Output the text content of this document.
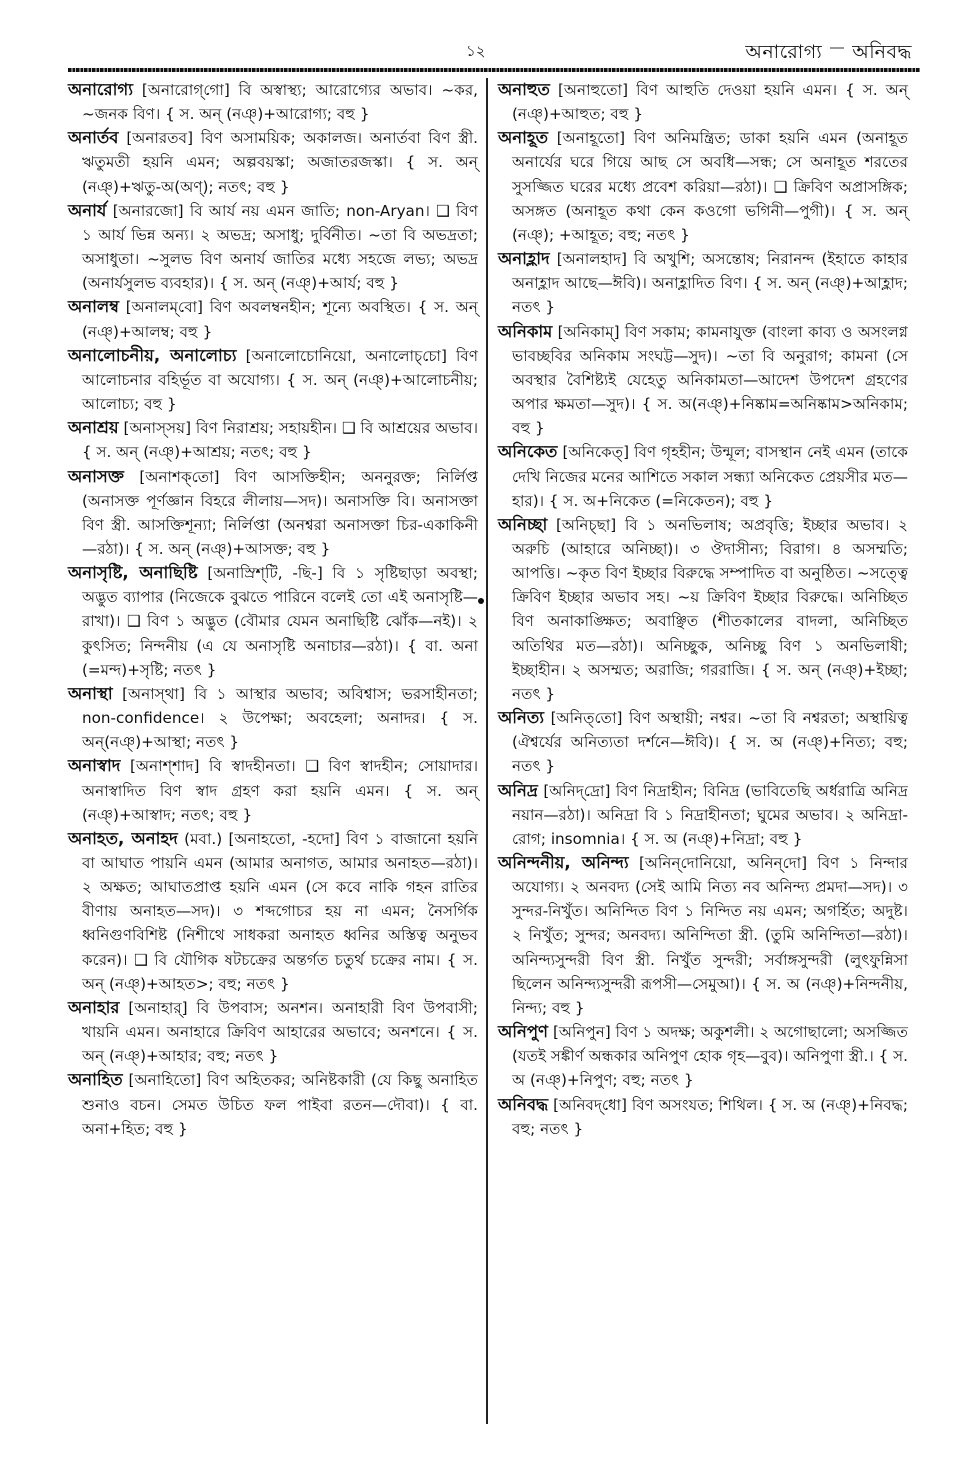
১২	অনারোগ্য অনিবদ্ধ

অনারোগ্য [অনারোগ্‌গো] বি অস্বাস্থ্য; আরোগ্যের অভাব। ~কর, ~জনক বিণ। { স. অন্ (নঞ্)+আরোগ্য; বহু }

অনার্তব [অনারতব] বিণ অসাময়িক; অকালজ। অনার্তবা বিণ স্ত্রী. ঋতুমতী হয়নি এমন; অল্পবয়স্কা; অজাতরজস্কা। { স. অন্ (নঞ্)+ঋতু-অ(অণ্); নতৎ; বহু }

অনার্য [অনারজো] বি আর্য নয় এমন জাতি; non-Aryan। ❑ বিণ ১ আর্য ভিন্ন অন্য। ২ অভদ্র; অসাধু; দুর্বিনীত। ~তা বি অভদ্রতা; অসাধুতা। ~সুলভ বিণ অনার্য জাতির মধ্যে সহজে লভ্য; অভদ্র (অনার্যসুলভ ব্যবহার)। { স. অন্ (নঞ্)+আর্য; বহু }

অনালম্ব [অনালম্‌বো] বিণ অবলম্বনহীন; শূন্যে অবস্থিত। { স. অন্ (নঞ্)+আলম্ব; বহু }

অনালোচনীয়, অনালোচ্য [অনালোচোনিয়ো, অনালোচ্‌চো] বিণ আলোচনার বহির্ভূত বা অযোগ্য। { স. অন্ (নঞ্)+আলোচনীয়; আলোচ্য; বহু }

অনাশ্রয় [অনাস্‌সয়] বিণ নিরাশ্রয়; সহায়হীন। ❑ বি আশ্রয়ের অভাব। { স. অন্ (নঞ্)+আশ্রয়; নতৎ; বহু }

অনাসক্ত [অনাশক্‌তো] বিণ আসক্তিহীন; অননুরক্ত; নির্লিপ্ত (অনাসক্ত পূর্ণজ্ঞান বিহরে লীলায়—সদ)। অনাসক্তি বি। অনাসক্তা বিণ স্ত্রী. আসক্তিশূন্যা; নির্লিপ্তা (অনশ্বরা অনাসক্তা চির-একাকিনী—রঠা)। { স. অন্ (নঞ্)+আসক্ত; বহু }

অনাসৃষ্টি, অনাছিষ্টি [অনাস্রিশ্‌টি, -ছি-] বি ১ সৃষ্টিছাড়া অবস্থা; অদ্ভুত ব্যাপার (নিজেকে বুঝতে পারিনে বলেই তো এই অনাসৃষ্টি—রাখা)। ❑ বিণ ১ অদ্ভুত (বৌমার যেমন অনাছিষ্টি ঝোঁক—নই)। ২ কুৎসিত; নিন্দনীয় (এ যে অনাসৃষ্টি অনাচার—রঠা)। { বা. অনা (=মন্দ)+সৃষ্টি; নতৎ }

অনাস্থা [অনাস্‌থা] বি ১ আস্থার অভাব; অবিশ্বাস; ভরসাহীনতা; non-confidence। ২ উপেক্ষা; অবহেলা; অনাদর। { স. অন্(নঞ্)+আস্থা; নতৎ }

অনাস্বাদ [অনাশ্‌শাদ] বি স্বাদহীনতা। ❑ বিণ স্বাদহীন; সোয়াদার। অনাস্বাদিত বিণ স্বাদ গ্রহণ করা হয়নি এমন। { স. অন্ (নঞ্)+আস্বাদ; নতৎ; বহু }

অনাহত, অনাহদ (মবা.) [অনাহতো, -হদো] বিণ ১ বাজানো হয়নি বা আঘাত পায়নি এমন (আমার অনাগত, আমার অনাহত—রঠা)। ২ অক্ষত; আঘাতপ্রাপ্ত হয়নি এমন (সে কবে নাকি গহন রাতির বীণায় অনাহত—সদ)। ৩ শব্দগোচর হয় না এমন; নৈসর্গিক ধ্বনিগুণবিশিষ্ট (নিশীথে সাধকরা অনাহত ধ্বনির অস্তিত্ব অনুভব করেন)। ❑ বি যৌগিক ষটচক্রের অন্তর্গত চতুর্থ চক্রের নাম। { স. অন্ (নঞ্)+আহত>; বহু; নতৎ }

অনাহার [অনাহার্] বি উপবাস; অনশন। অনাহারী বিণ উপবাসী; খায়নি এমন। অনাহারে ক্রিবিণ আহারের অভাবে; অনশনে। { স. অন্ (নঞ্)+আহার; বহু; নতৎ }

অনাহিত [অনাহিতো] বিণ অহিতকর; অনিষ্টকারী (যে কিছু অনাহিত শুনাও বচন। সেমত উচিত ফল পাইবা রতন—দৌবা)। { বা. অনা+হিত; বহু }

অনাহুত [অনাহুতো] বিণ আহুতি দেওয়া হয়নি এমন। { স. অন্ (নঞ্)+আহুত; বহু }

অনাহূত [অনাহূতো] বিণ অনিমন্ত্রিত; ডাকা হয়নি এমন (অনাহূত অনার্যের ঘরে গিয়ে আছ সে অবধি—সন্ধ; সে অনাহূত শরতের সুসজ্জিত ঘরের মধ্যে প্রবেশ করিয়া—রঠা)। ❑ ক্রিবিণ অপ্রাসঙ্গিক; অসঙ্গত (অনাহূত কথা কেন কওগো ভগিনী—পুগী)। { স. অন্ (নঞ্); +আহূত; বহু; নতৎ }

অনাহ্লাদ [অনালহাদ] বি অখুশি; অসন্তোষ; নিরানন্দ (ইহাতে কাহার অনাহ্লাদ আছে—ঈবি)। অনাহ্লাদিত বিণ। { স. অন্ (নঞ্)+আহ্লাদ; নতৎ }

অনিকাম [অনিকাম্] বিণ সকাম; কামনাযুক্ত (বাংলা কাব্য ও অসংলগ্ন ভাবচ্ছবির অনিকাম সংঘট্ট—সুদ)। ~তা বি অনুরাগ; কামনা (সে অবস্থার বৈশিষ্ট্যই যেহেতু অনিকামতা—আদেশ উপদেশ গ্রহণের অপার ক্ষমতা—সুদ)। { স. অ(নঞ্)+নিষ্কাম=অনিষ্কাম>অনিকাম; বহু }

অনিকেত [অনিকেত্] বিণ গৃহহীন; উন্মূল; বাসস্থান নেই এমন (তাকে দেখি নিজের মনের আশিতে সকাল সন্ধ্যা অনিকেত প্রেয়সীর মত—হার)। { স. অ+নিকেত (=নিকেতন); বহু }

অনিচ্ছা [অনিচ্‌ছা] বি ১ অনভিলাষ; অপ্রবৃত্তি; ইচ্ছার অভাব। ২ অরুচি (আহারে অনিচ্ছা)। ৩ ঔদাসীন্য; বিরাগ। ৪ অসম্মতি; আপত্তি। ~কৃত বিণ ইচ্ছার বিরুদ্ধে সম্পাদিত বা অনুষ্ঠিত। ~সত্ত্বে ক্রিবিণ ইচ্ছার অভাব সহ। ~য় ক্রিবিণ ইচ্ছার বিরুদ্ধে। অনিচ্ছিত বিণ অনাকাঙ্ক্ষিত; অবাঞ্ছিত (শীতকালের বাদলা, অনিচ্ছিত অতিথির মত—রঠা)। অনিচ্ছুক, অনিচ্ছু বিণ ১ অনভিলাষী; ইচ্ছাহীন। ২ অসম্মত; অরাজি; গররাজি। { স. অন্ (নঞ্)+ইচ্ছা; নতৎ }

অনিত্য [অনিত্‌তো] বিণ অস্থায়ী; নশ্বর। ~তা বি নশ্বরতা; অস্থায়িত্ব (ঐশ্বর্যের অনিত্যতা দর্শনে—ঈবি)। { স. অ (নঞ্)+নিত্য; বহু; নতৎ }

অনিদ্র [অনিদ্‌দ্রো] বিণ নিদ্রাহীন; বিনিদ্র (ভাবিতেছি অর্ধরাত্রি অনিদ্র নয়ান—রঠা)। অনিদ্রা বি ১ নিদ্রাহীনতা; ঘুমের অভাব। ২ অনিদ্রা-রোগ; insomnia। { স. অ (নঞ্)+নিদ্রা; বহু }

অনিন্দনীয়, অনিন্দ্য [অনিন্‌দোনিয়ো, অনিন্‌দো] বিণ ১ নিন্দার অযোগ্য। ২ অনবদ্য (সেই আমি নিত্য নব অনিন্দ্য প্রমদা—সদ)। ৩ সুন্দর-নিখুঁত। অনিন্দিত বিণ ১ নিন্দিত নয় এমন; অগর্হিত; অদুষ্ট। ২ নিখুঁত; সুন্দর; অনবদ্য। অনিন্দিতা স্ত্রী. (তুমি অনিন্দিতা—রঠা)। অনিন্দ্যসুন্দরী বিণ স্ত্রী. নিখুঁত সুন্দরী; সর্বাঙ্গসুন্দরী (লুৎফুন্নিসা ছিলেন অনিন্দ্যসুন্দরী রূপসী—সেমুআ)। { স. অ (নঞ্)+নিন্দনীয়, নিন্দ্য; বহু }

অনিপুণ [অনিপুন] বিণ ১ অদক্ষ; অকুশলী। ২ অগোছালো; অসজ্জিত (যতই সঙ্কীর্ণ অন্ধকার অনিপুণ হোক গৃহ—বুব)। অনিপুণা স্ত্রী.। { স. অ (নঞ্)+নিপুণ; বহু; নতৎ }

অনিবদ্ধ [অনিবদ্‌ধো] বিণ অসংযত; শিথিল। { স. অ (নঞ্)+নিবদ্ধ; বহু; নতৎ }
